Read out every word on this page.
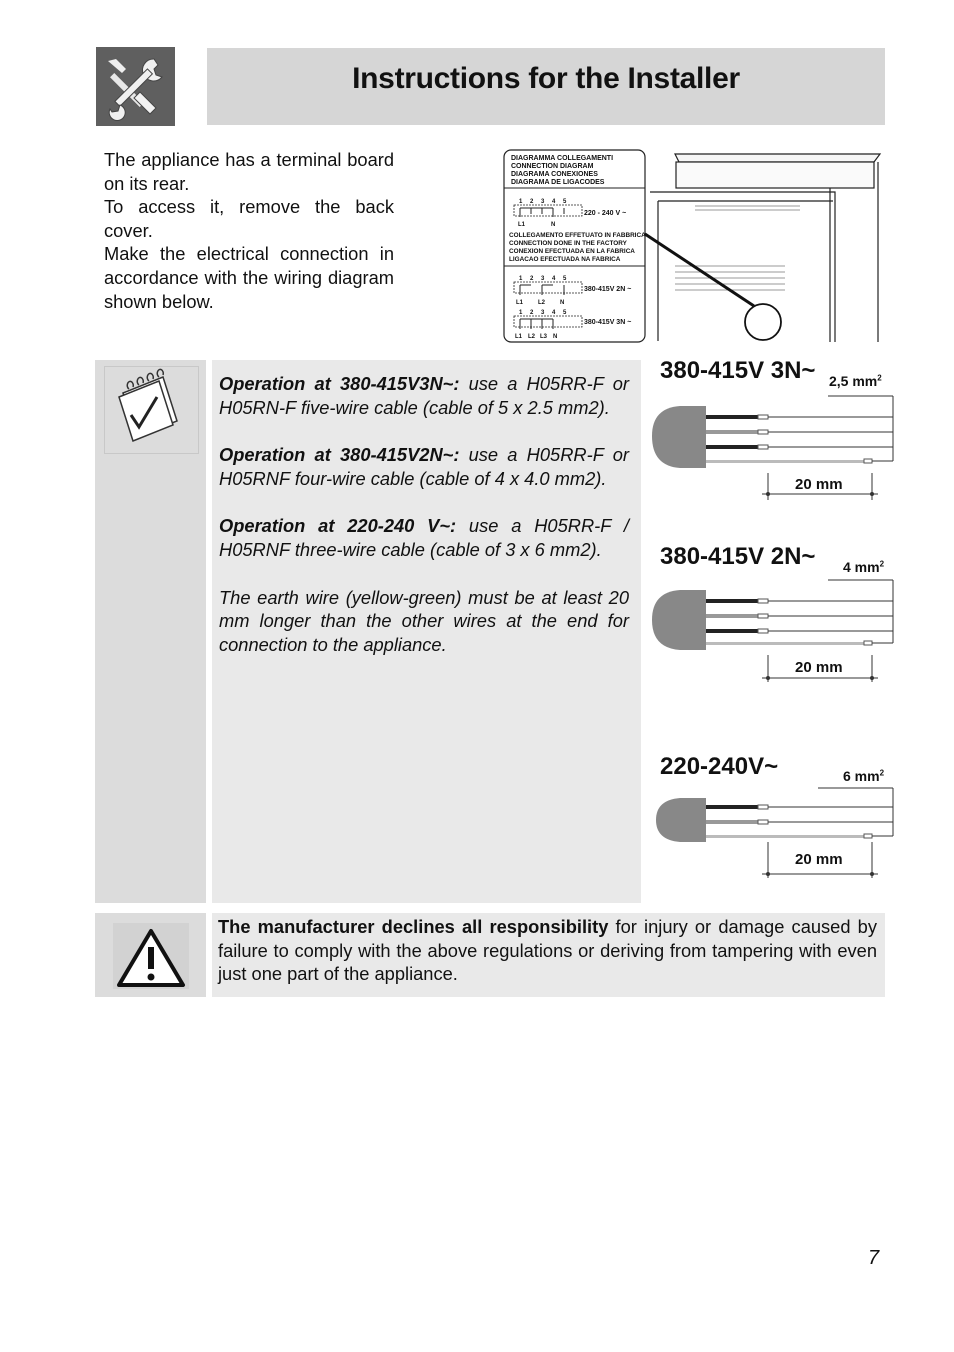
Instructions for the Installer

The appliance has a terminal board on its rear.

To access it, remove the back cover.

Make the electrical connection in accordance with the wiring diagram shown below.

DIAGRAMMA COLLEGAMENTI
CONNECTION DIAGRAM
DIAGRAMA CONEXIONES
DIAGRAMA DE LIGACODES
1 2 3 4 5
220 - 240 V ~
L1	N
COLLEGAMENTO EFFETUATO IN FABBRICA
CONNECTION DONE IN THE FACTORY
CONEXION EFECTUADA EN LA FABRICA
LIGACAO EFECTUADA NA FABRICA
1 2 3 4 5
380-415V 2N ~
L1 L2 N
1 2 3 4 5
380-415V 3N ~
L1 L2 L3 N

Operation at 380-415V3N~: use a H05RR-F or H05RN-F five-wire cable (cable of 5 x 2.5 mm2).

Operation at 380-415V2N~: use a H05RR-F or H05RNF four-wire cable (cable of 4 x 4.0 mm2).

Operation at 220-240 V~: use a H05RR-F / H05RNF three-wire cable (cable of 3 x 6 mm2).

The earth wire (yellow-green) must be at least 20 mm longer than the other wires at the end for connection to the appliance.

380-415V 3N~ 2,5 $mm^2$
20 mm
380-415V 2N~ 4 $mm^2$
20 mm
220-240V~	6 $mm^2$
20 mm
The manufacturer declines all responsibility for injury or damage caused by failure to comply with the above regulations or deriving from tampering with even just one part of the appliance.
7
